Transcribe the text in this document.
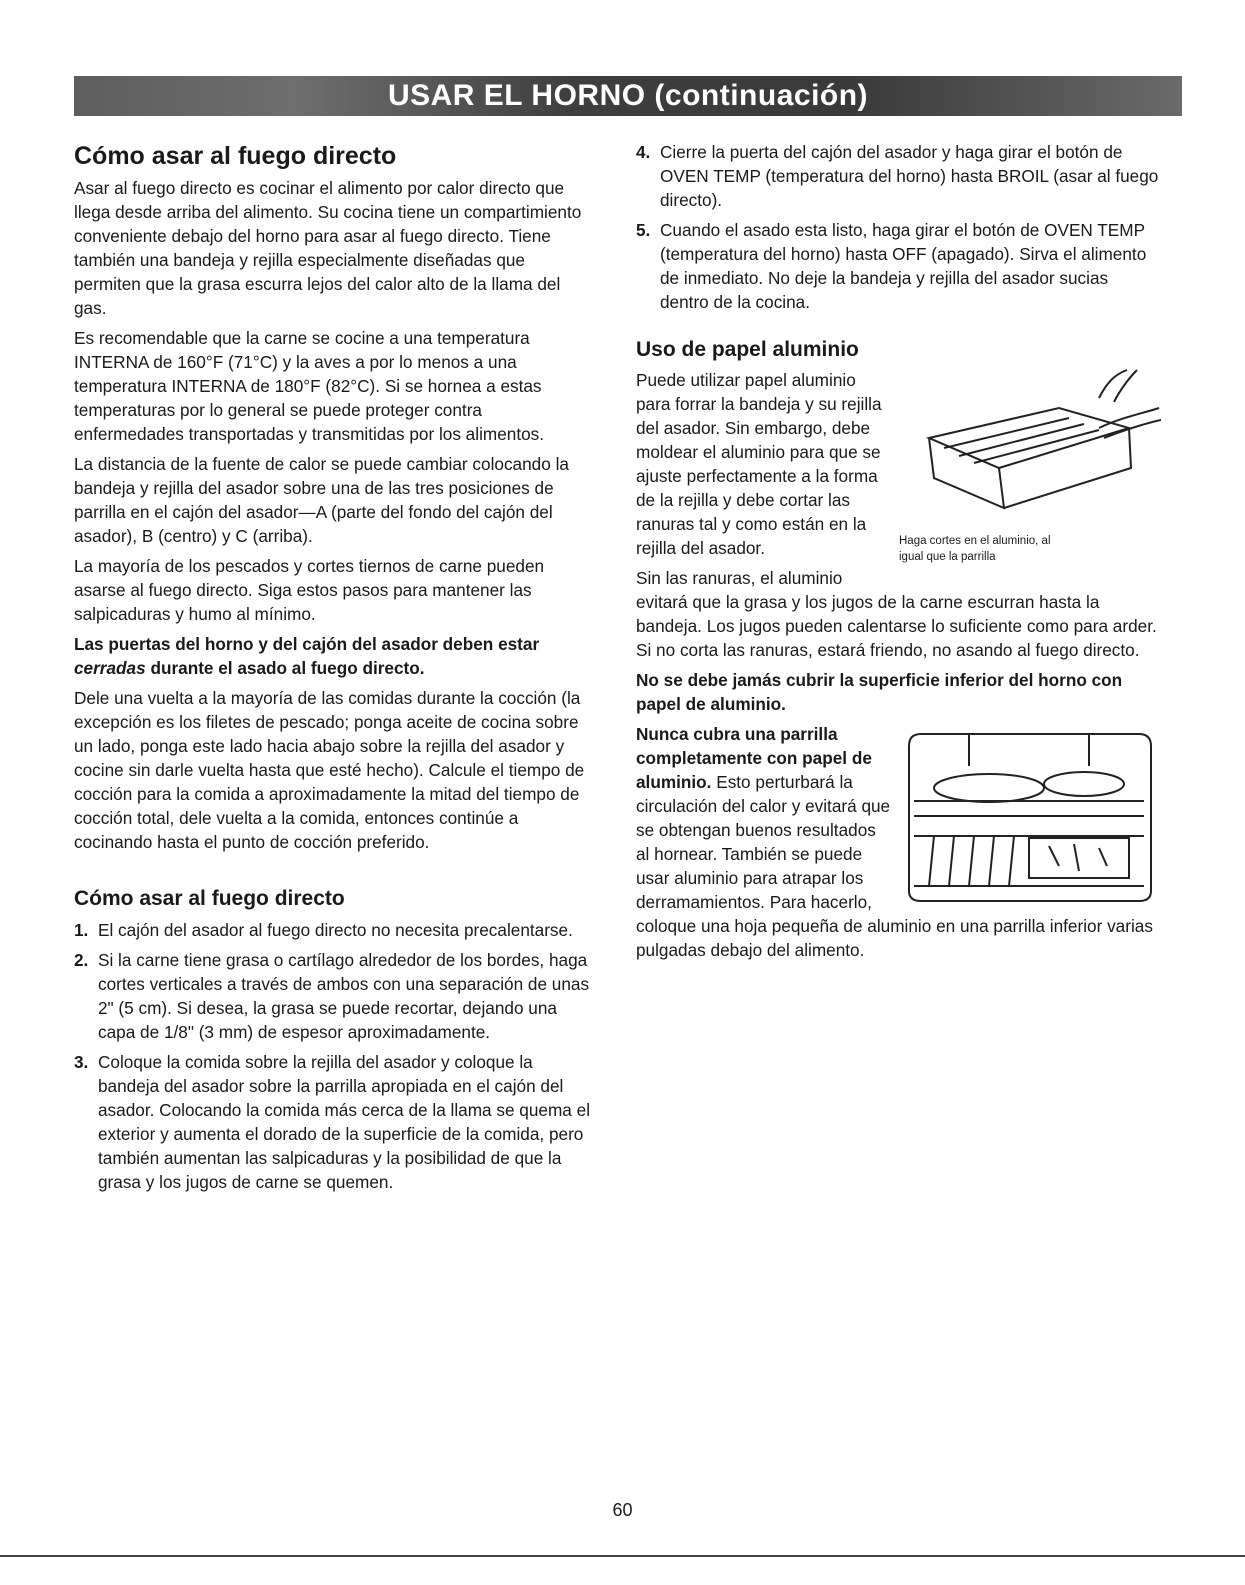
USAR EL HORNO (continuación)
Cómo asar al fuego directo

Asar al fuego directo es cocinar el alimento por calor directo que llega desde arriba del alimento. Su cocina tiene un compartimiento conveniente debajo del horno para asar al fuego directo. Tiene también una bandeja y rejilla especialmente diseñadas que permiten que la grasa escurra lejos del calor alto de la llama del gas.

Es recomendable que la carne se cocine a una temperatura INTERNA de 160°F (71°C) y la aves a por lo menos a una temperatura INTERNA de 180°F (82°C). Si se hornea a estas temperaturas por lo general se puede proteger contra enfermedades transportadas y transmitidas por los alimentos.

La distancia de la fuente de calor se puede cambiar colocando la bandeja y rejilla del asador sobre una de las tres posiciones de parrilla en el cajón del asador—A (parte del fondo del cajón del asador), B (centro) y C (arriba).

La mayoría de los pescados y cortes tiernos de carne pueden asarse al fuego directo. Siga estos pasos para mantener las salpicaduras y humo al mínimo.

Las puertas del horno y del cajón del asador deben estar cerradas durante el asado al fuego directo.

Dele una vuelta a la mayoría de las comidas durante la cocción (la excepción es los filetes de pescado; ponga aceite de cocina sobre un lado, ponga este lado hacia abajo sobre la rejilla del asador y cocine sin darle vuelta hasta que esté hecho). Calcule el tiempo de cocción para la comida a aproximadamente la mitad del tiempo de cocción total, dele vuelta a la comida, entonces continúe a cocinando hasta el punto de cocción preferido.

Cómo asar al fuego directo
1. El cajón del asador al fuego directo no necesita precalentarse.
2. Si la carne tiene grasa o cartílago alrededor de los bordes, haga cortes verticales a través de ambos con una separación de unas 2" (5 cm). Si desea, la grasa se puede recortar, dejando una capa de 1/8" (3 mm) de espesor aproximadamente.
3. Coloque la comida sobre la rejilla del asador y coloque la bandeja del asador sobre la parrilla apropiada en el cajón del asador. Colocando la comida más cerca de la llama se quema el exterior y aumenta el dorado de la superficie de la comida, pero también aumentan las salpicaduras y la posibilidad de que la grasa y los jugos de carne se quemen.
4. Cierre la puerta del cajón del asador y haga girar el botón de OVEN TEMP (temperatura del horno) hasta BROIL (asar al fuego directo).
5. Cuando el asado esta listo, haga girar el botón de OVEN TEMP (temperatura del horno) hasta OFF (apagado). Sirva el alimento de inmediato. No deje la bandeja y rejilla del asador sucias dentro de la cocina.
Uso de papel aluminio
Haga cortes en el aluminio, al
igual que la parrilla

Puede utilizar papel aluminio para forrar la bandeja y su rejilla del asador. Sin embargo, debe moldear el aluminio para que se ajuste perfectamente a la forma de la rejilla y debe cortar las ranuras tal y como están en la rejilla del asador.

Sin las ranuras, el aluminio evitará que la grasa y los jugos de la carne escurran hasta la bandeja. Los jugos pueden calentarse lo suficiente como para arder. Si no corta las ranuras, estará friendo, no asando al fuego directo.

No se debe jamás cubrir la superficie inferior del horno con papel de aluminio.

Nunca cubra una parrilla completamente con papel de aluminio. Esto perturbará la circulación del calor y evitará que se obtengan buenos resultados al hornear. También se puede usar aluminio para atrapar los derramamientos. Para hacerlo, coloque una hoja pequeña de aluminio en una parrilla inferior varias pulgadas debajo del alimento.

60
